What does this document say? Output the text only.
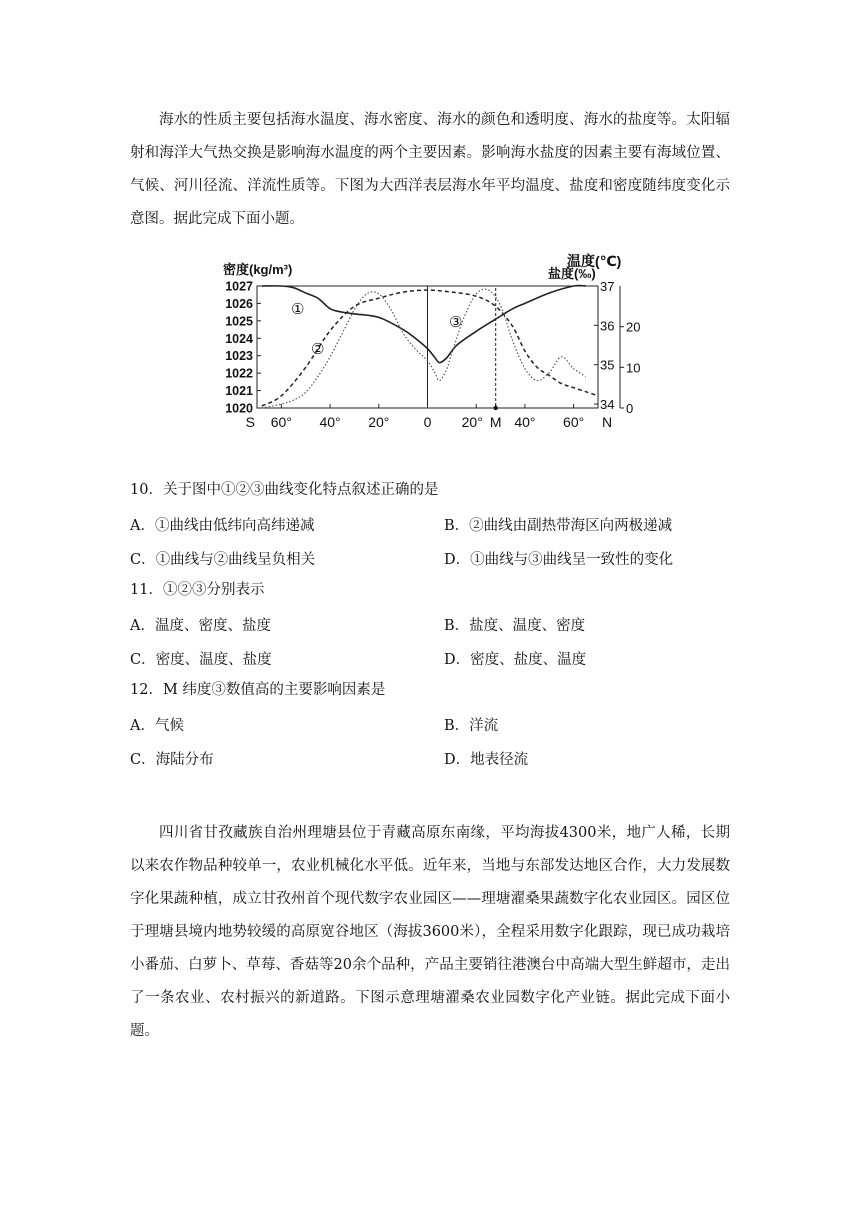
海水的性质主要包括海水温度、海水密度、海水的颜色和透明度、海水的盐度等。太阳辐射和海洋大气热交换是影响海水温度的两个主要因素。影响海水盐度的因素主要有海域位置、气候、河川径流、洋流性质等。下图为大西洋表层海水年平均温度、盐度和密度随纬度变化示意图。据此完成下面小题。

密度(kg/m³)	盐度(‰)
温度(℃)
1027
1026
1025
1024
1023
1022
1021
1020
37
36
35
34
20
10
0
S 60° 40° 20° 0 20° M 40° 60° N
①
②
③
10．关于图中①②③曲线变化特点叙述正确的是
A．①曲线由低纬向高纬递减	B．②曲线由副热带海区向两极递减
C．①曲线与②曲线呈负相关	D．①曲线与③曲线呈一致性的变化
11．①②③分别表示
A．温度、密度、盐度	B．盐度、温度、密度
C．密度、温度、盐度	D．密度、盐度、温度
12．M 纬度③数值高的主要影响因素是
A．气候	B．洋流
C．海陆分布	D．地表径流

四川省甘孜藏族自治州理塘县位于青藏高原东南缘，平均海拔4300米，地广人稀，长期以来农作物品种较单一，农业机械化水平低。近年来，当地与东部发达地区合作，大力发展数字化果蔬种植，成立甘孜州首个现代数字农业园区——理塘濯桑果蔬数字化农业园区。园区位于理塘县境内地势较缓的高原宽谷地区（海拔3600米），全程采用数字化跟踪，现已成功栽培小番茄、白萝卜、草莓、香菇等20余个品种，产品主要销往港澳台中高端大型生鲜超市，走出了一条农业、农村振兴的新道路。下图示意理塘濯桑农业园数字化产业链。据此完成下面小题。
